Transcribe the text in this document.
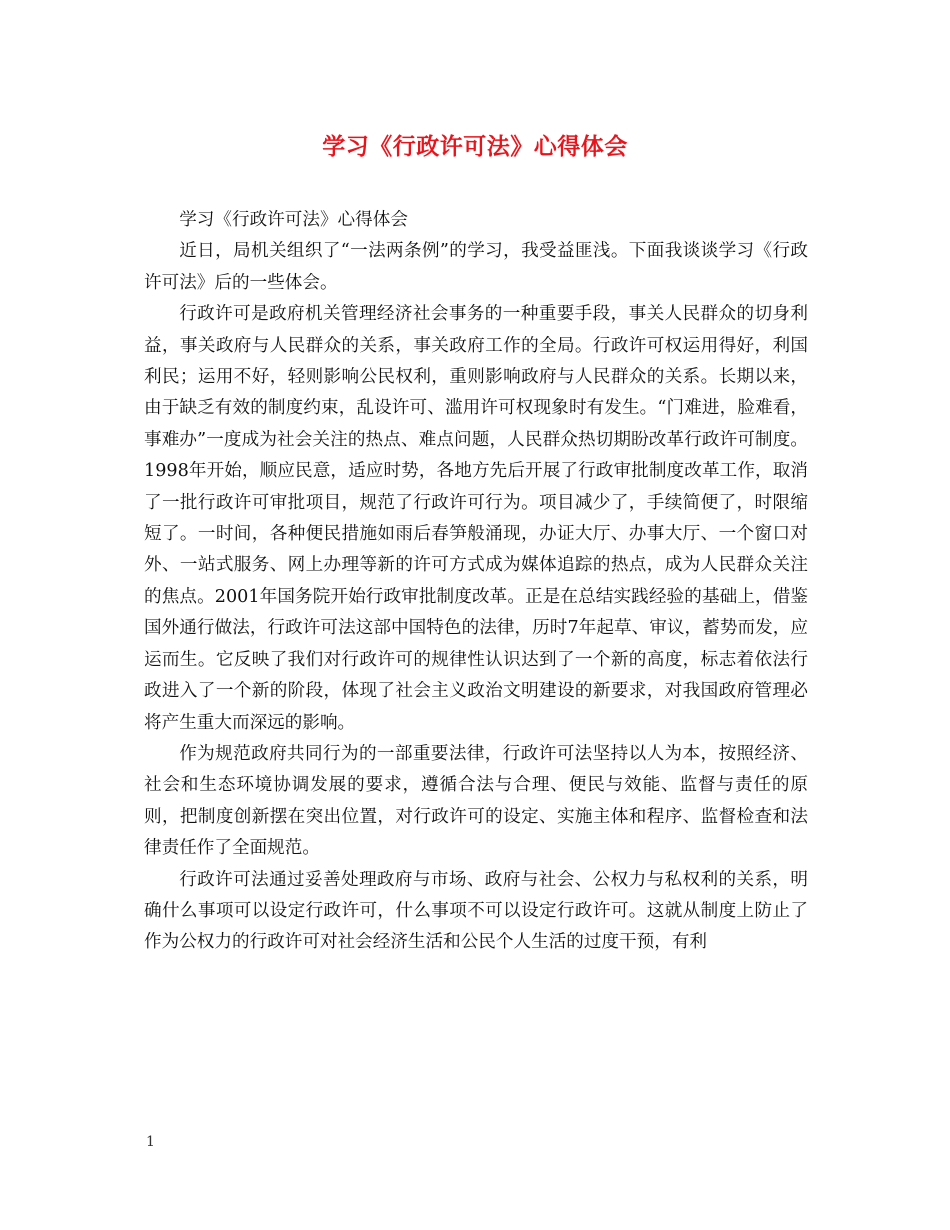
学习《行政许可法》心得体会

学习《行政许可法》心得体会

近日，局机关组织了“一法两条例”的学习，我受益匪浅。下面我谈谈学习《行政许可法》后的一些体会。

行政许可是政府机关管理经济社会事务的一种重要手段，事关人民群众的切身利益，事关政府与人民群众的关系，事关政府工作的全局。行政许可权运用得好，利国利民；运用不好，轻则影响公民权利，重则影响政府与人民群众的关系。长期以来，由于缺乏有效的制度约束，乱设许可、滥用许可权现象时有发生。“门难进，脸难看，事难办”一度成为社会关注的热点、难点问题，人民群众热切期盼改革行政许可制度。1998年开始，顺应民意，适应时势，各地方先后开展了行政审批制度改革工作，取消了一批行政许可审批项目，规范了行政许可行为。项目减少了，手续简便了，时限缩短了。一时间，各种便民措施如雨后春笋般涌现，办证大厅、办事大厅、一个窗口对外、一站式服务、网上办理等新的许可方式成为媒体追踪的热点，成为人民群众关注的焦点。2001年国务院开始行政审批制度改革。正是在总结实践经验的基础上，借鉴国外通行做法，行政许可法这部中国特色的法律，历时7年起草、审议，蓄势而发，应运而生。它反映了我们对行政许可的规律性认识达到了一个新的高度，标志着依法行政进入了一个新的阶段，体现了社会主义政治文明建设的新要求，对我国政府管理必将产生重大而深远的影响。

作为规范政府共同行为的一部重要法律，行政许可法坚持以人为本，按照经济、社会和生态环境协调发展的要求，遵循合法与合理、便民与效能、监督与责任的原则，把制度创新摆在突出位置，对行政许可的设定、实施主体和程序、监督检查和法律责任作了全面规范。

行政许可法通过妥善处理政府与市场、政府与社会、公权力与私权利的关系，明确什么事项可以设定行政许可，什么事项不可以设定行政许可。这就从制度上防止了作为公权力的行政许可对社会经济生活和公民个人生活的过度干预，有利

1
